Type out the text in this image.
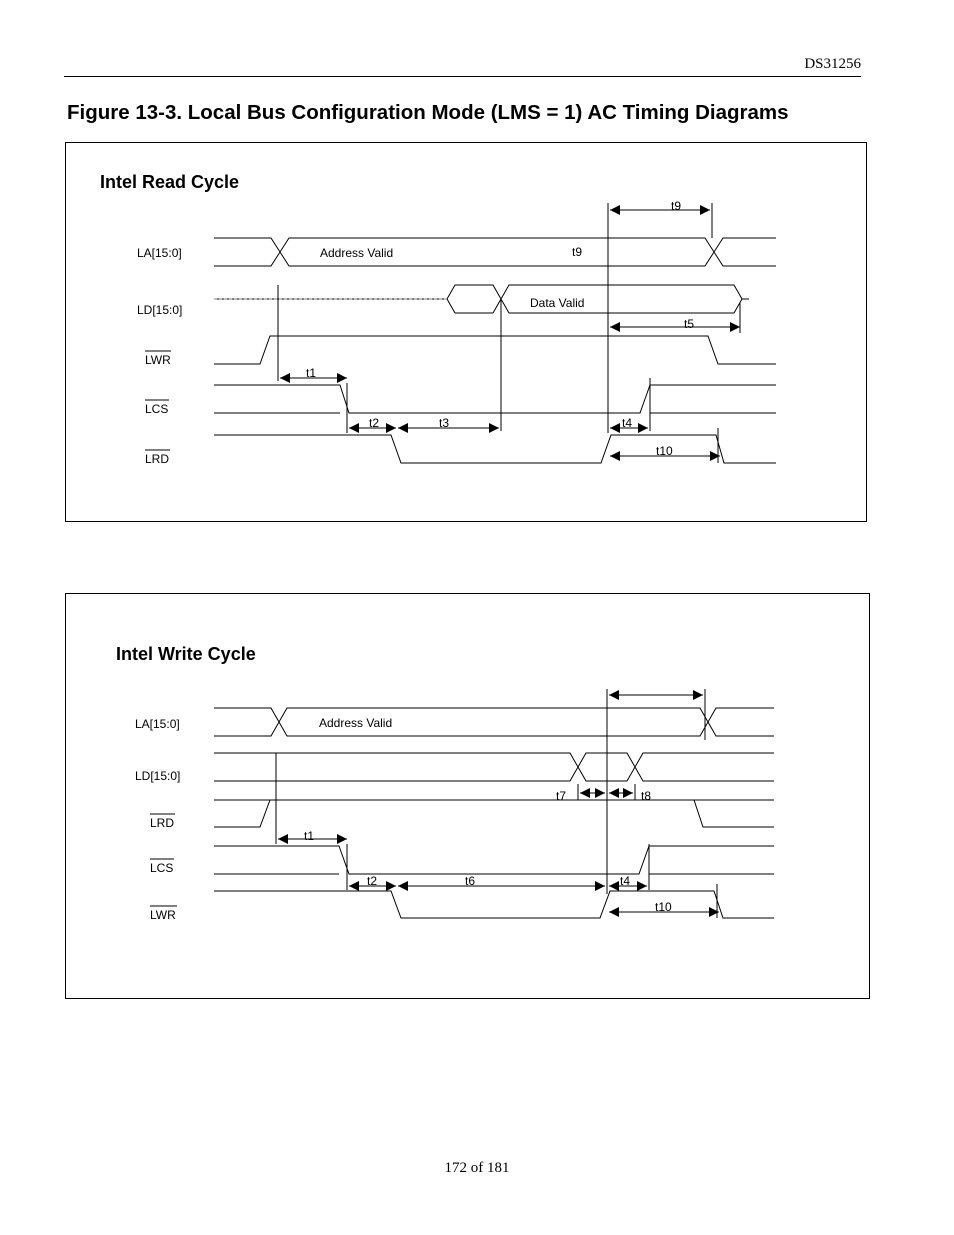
DS31256
Figure 13-3. Local Bus Configuration Mode (LMS = 1) AC Timing Diagrams
Intel Read Cycle
LA[15:0]
LD[15:0]
LWR
LCS
LRD
Address Valid
Data Valid
t9
t9
t5
t1
t2	t3	t4
t10
Intel Write Cycle
LA[15:0]
LD[15:0]
LRD
LCS
LWR
Address Valid
t7	t8
t1
t2	t6	t4
t10
172 of 181
